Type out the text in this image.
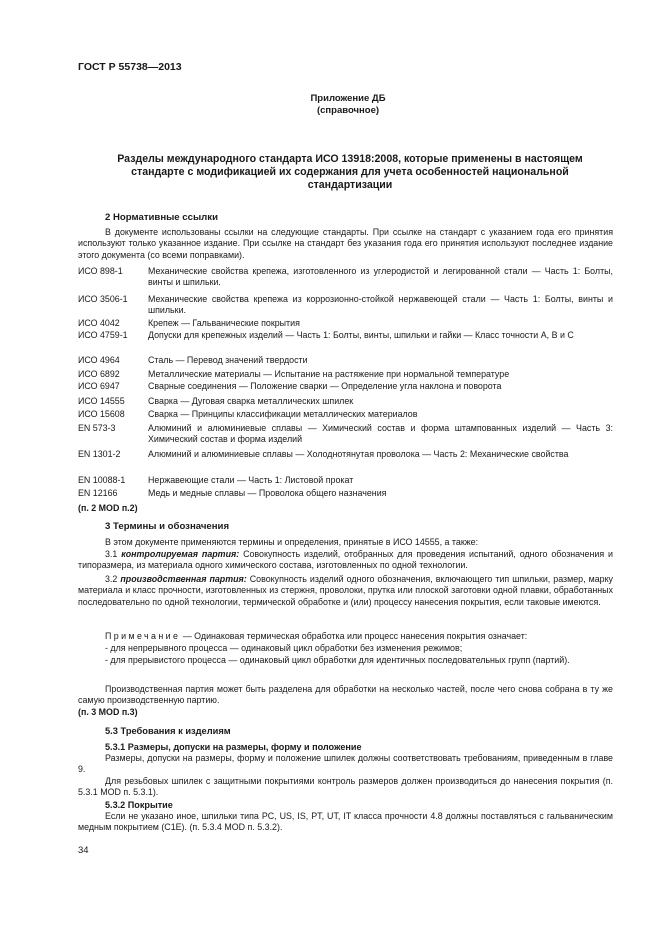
ГОСТ Р 55738—2013
Приложение ДБ
(справочное)
Разделы международного стандарта ИСО 13918:2008, которые применены в настоящем
стандарте с модификацией их содержания для учета особенностей национальной
стандартизации
2 Нормативные ссылки
В документе использованы ссылки на следующие стандарты. При ссылке на стандарт с указанием года его принятия используют только указанное издание. При ссылке на стандарт без указания года его принятия используют последнее издание этого документа (со всеми поправками).
ИСО 898-1	Механические свойства крепежа, изготовленного из углеродистой и легированной стали — Часть 1: Болты, винты и шпильки.
ИСО 3506-1	Механические свойства крепежа из коррозионно-стойкой нержавеющей стали — Часть 1: Болты, винты и шпильки.
ИСО 4042	Крепеж — Гальванические покрытия
ИСО 4759-1	Допуски для крепежных изделий — Часть 1: Болты, винты, шпильки и гайки — Класс точности А, В и С
ИСО 4964	Сталь — Перевод значений твердости
ИСО 6892	Металлические материалы — Испытание на растяжение при нормальной температуре
ИСО 6947	Сварные соединения — Положение сварки — Определение угла наклона и поворота
ИСО 14555	Сварка — Дуговая сварка металлических шпилек
ИСО 15608	Сварка — Принципы классификации металлических материалов
EN 573-3	Алюминий и алюминиевые сплавы — Химический состав и форма штампованных изделий — Часть 3: Химический состав и форма изделий
EN 1301-2	Алюминий и алюминиевые сплавы — Холоднотянутая проволока — Часть 2: Механические свойства
EN 10088-1	Нержавеющие стали — Часть 1: Листовой прокат
EN 12166	Медь и медные сплавы — Проволока общего назначения
(п. 2 MOD п.2)
3 Термины и обозначения
В этом документе применяются термины и определения, принятые в ИСО 14555, а также:
3.1 контролируемая партия: Совокупность изделий, отобранных для проведения испытаний, одного обозначения и типоразмера, из материала одного химического состава, изготовленных по одной технологии.
3.2 производственная партия: Совокупность изделий одного обозначения, включающего тип шпильки, размер, марку материала и класс прочности, изготовленных из стержня, проволоки, прутка или плоской заготовки одной плавки, обработанных последовательно по одной технологии, термической обработке и (или) процессу нанесения покрытия, если таковые имеются.
Примечание — Одинаковая термическая обработка или процесс нанесения покрытия означает:
- для непрерывного процесса — одинаковый цикл обработки без изменения режимов;
- для прерывистого процесса — одинаковый цикл обработки для идентичных последовательных групп (партий).
Производственная партия может быть разделена для обработки на несколько частей, после чего снова собрана в ту же самую производственную партию.
(п. 3 MOD п.3)
5.3 Требования к изделиям
5.3.1 Размеры, допуски на размеры, форму и положение
Размеры, допуски на размеры, форму и положение шпилек должны соответствовать требованиям, приведенным в главе 9.
Для резьбовых шпилек с защитными покрытиями контроль размеров должен производиться до нанесения покрытия (п. 5.3.1 MOD п. 5.3.1).
5.3.2 Покрытие
Если не указано иное, шпильки типа PC, US, IS, PT, UT, IT класса прочности 4.8 должны поставляться с гальваническим медным покрытием (C1E). (п. 5.3.4 MOD п. 5.3.2).
34
